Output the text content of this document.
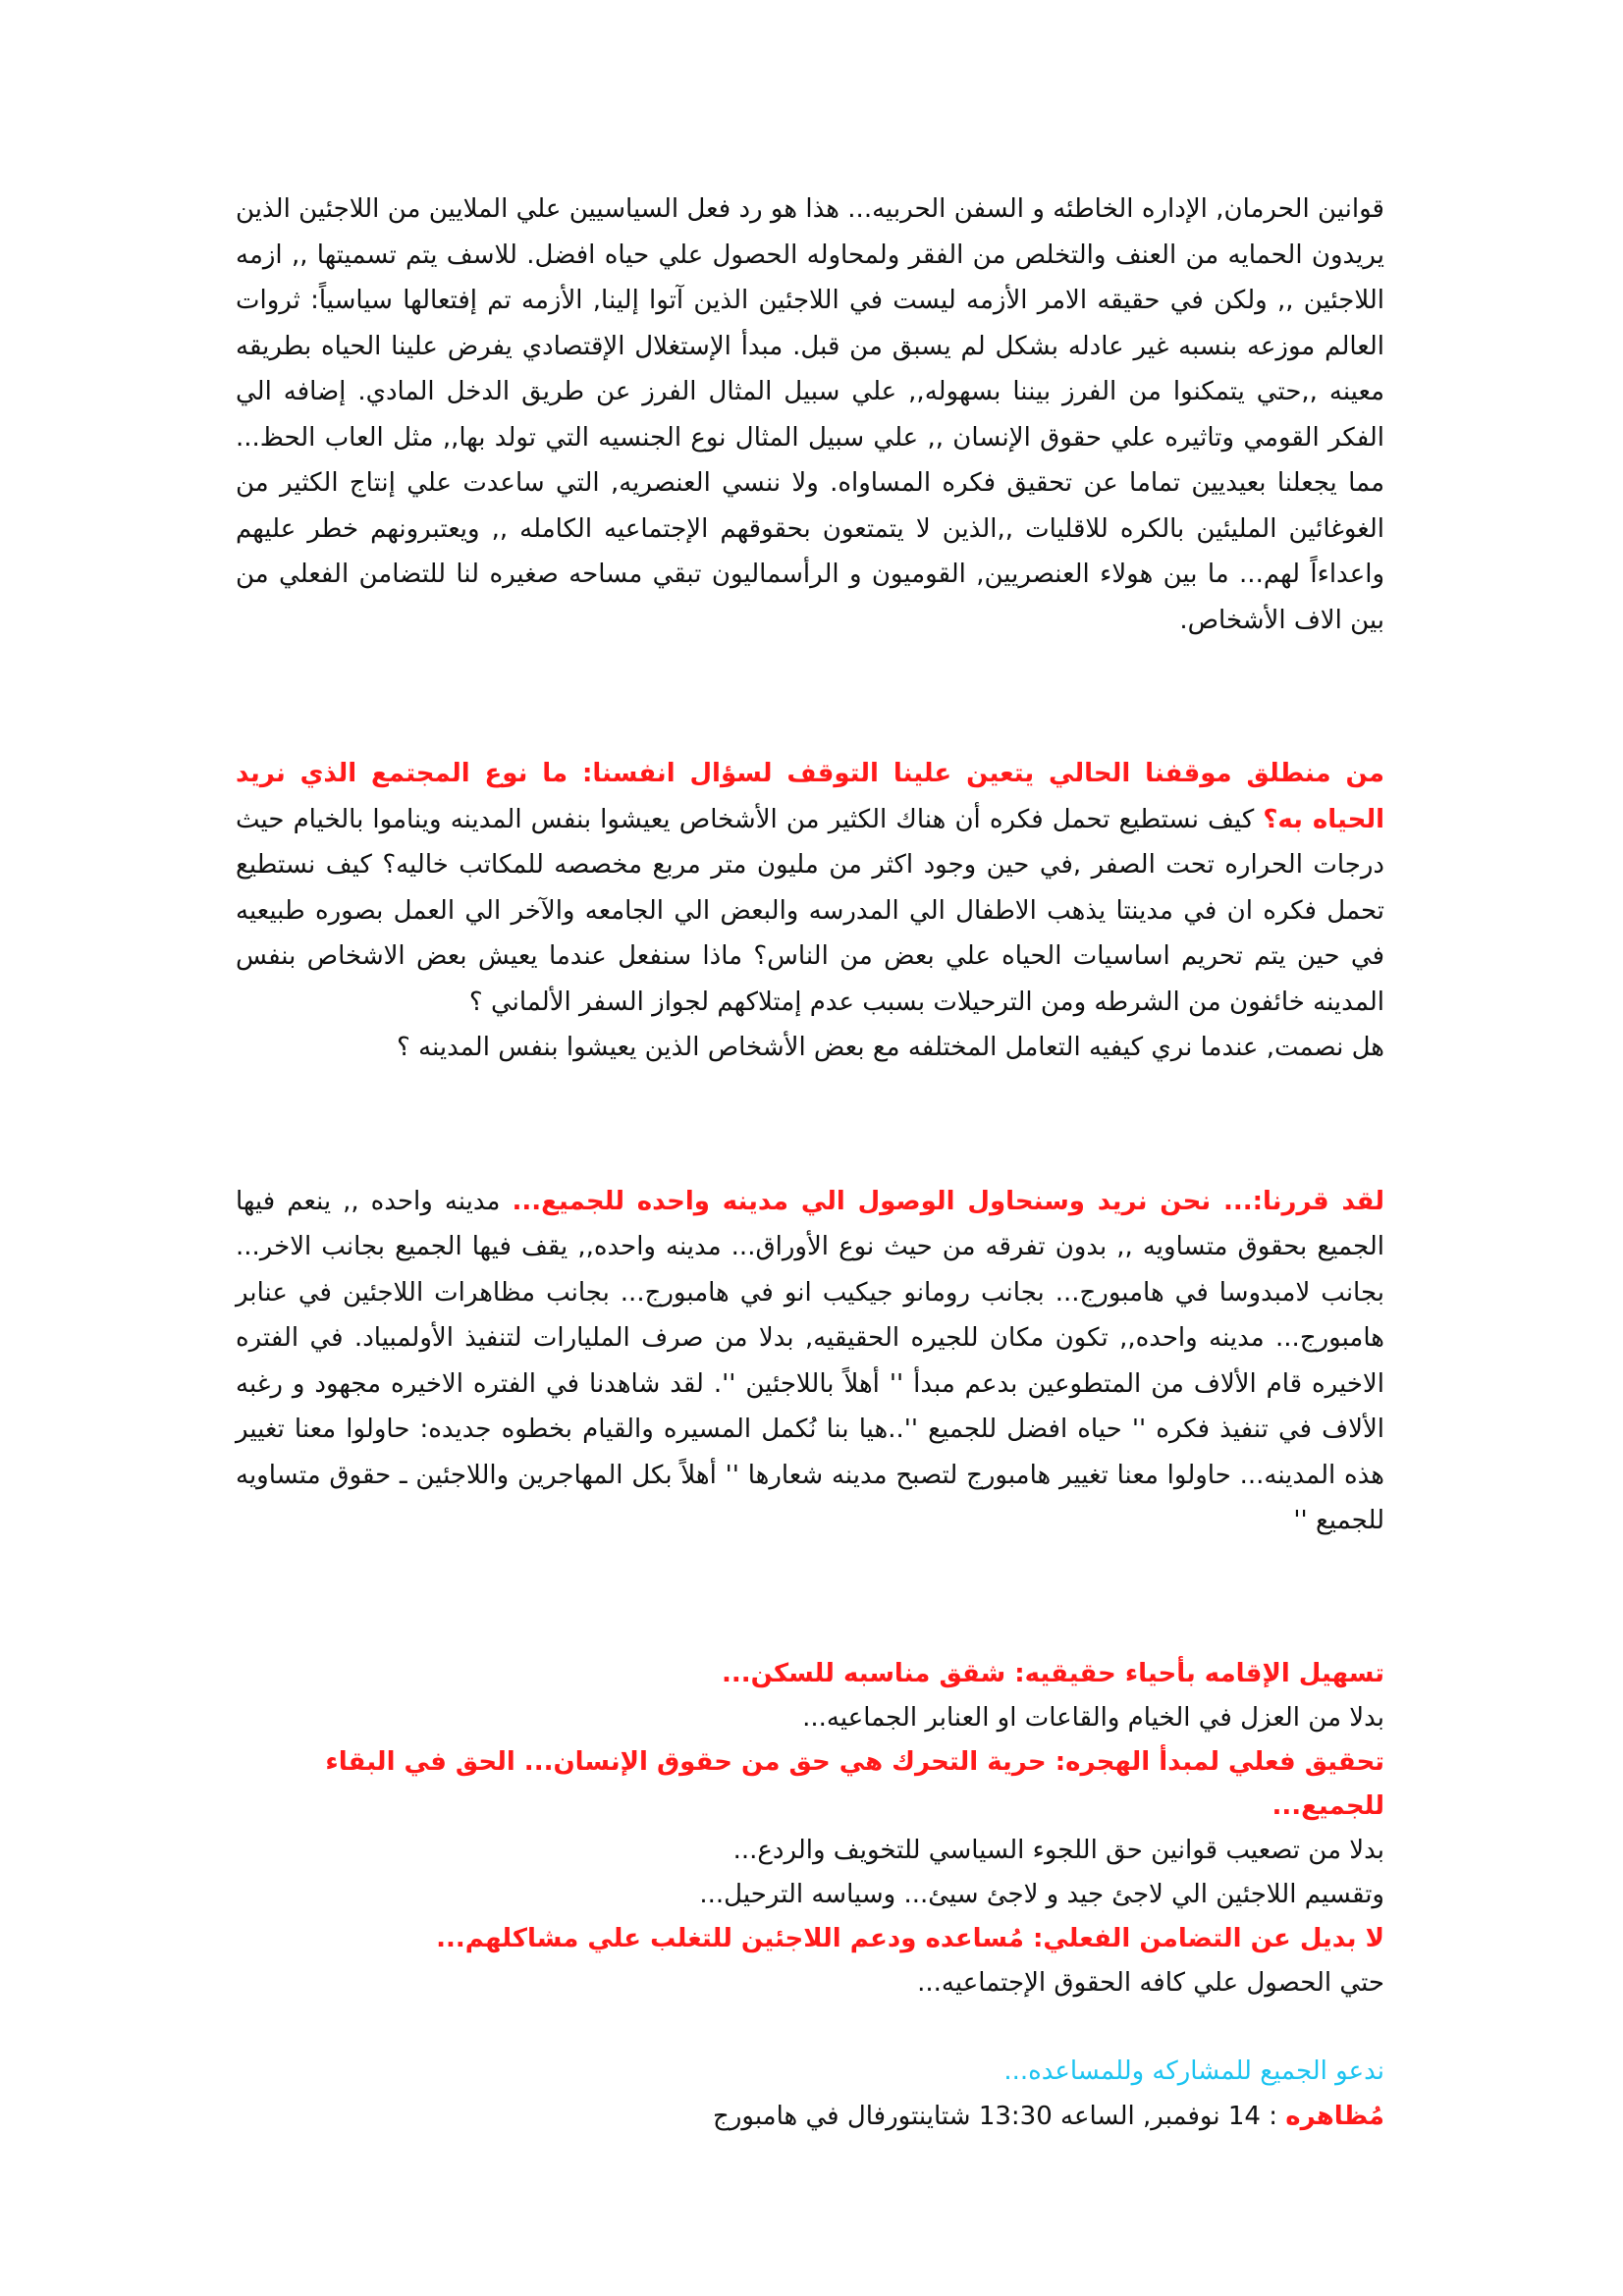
قوانين الحرمان, الإداره الخاطئه و السفن الحربيه... هذا هو رد فعل السياسيين علي الملايين من اللاجئين الذين يريدون الحمايه من العنف والتخلص من الفقر ولمحاوله الحصول علي حياه افضل. للاسف يتم تسميتها ,, ازمه اللاجئين ,, ولكن في حقيقه الامر الأزمه ليست في اللاجئين الذين آتوا إلينا, الأزمه تم إفتعالها سياسياً: ثروات العالم موزعه بنسبه غير عادله بشكل لم يسبق من قبل. مبدأ الإستغلال الإقتصادي يفرض علينا الحياه بطريقه معينه ,,حتي يتمكنوا من الفرز بيننا بسهوله,, علي سبيل المثال الفرز عن طريق الدخل المادي. إضافه الي الفكر القومي وتاثيره علي حقوق الإنسان ,, علي سبيل المثال نوع الجنسيه التي تولد بها,, مثل العاب الحظ... مما يجعلنا بعيديين تماما عن تحقيق فكره المساواه. ولا ننسي العنصريه, التي ساعدت علي إنتاج الكثير من الغوغائين المليئين بالكره للاقليات ,,الذين لا يتمتعون بحقوقهم الإجتماعيه الكامله ,, ويعتبرونهم خطر عليهم واعداءاً لهم... ما بين هولاء العنصريين, القوميون و الرأسماليون تبقي مساحه صغيره لنا للتضامن الفعلي من بين الاف الأشخاص.

من منطلق موقفنا الحالي يتعين علينا التوقف لسؤال انفسنا: ما نوع المجتمع الذي نريد الحياه به؟ كيف نستطيع تحمل فكره أن هناك الكثير من الأشخاص يعيشوا بنفس المدينه ويناموا بالخيام حيث درجات الحراره تحت الصفر ,في حين وجود اكثر من مليون متر مربع مخصصه للمكاتب خاليه؟ كيف نستطيع تحمل فكره ان في مدينتا يذهب الاطفال الي المدرسه والبعض الي الجامعه والآخر الي العمل بصوره طبيعيه في حين يتم تحريم اساسيات الحياه علي بعض من الناس؟ ماذا سنفعل عندما يعيش بعض الاشخاص بنفس المدينه خائفون من الشرطه ومن الترحيلات بسبب عدم إمتلاكهم لجواز السفر الألماني ؟
هل نصمت, عندما نري كيفيه التعامل المختلفه مع بعض الأشخاص الذين يعيشوا بنفس المدينه ؟

لقد قررنا:... نحن نريد وسنحاول الوصول الي مدينه واحده للجميع... مدينه واحده ,, ينعم فيها الجميع بحقوق متساويه ,, بدون تفرقه من حيث نوع الأوراق... مدينه واحده,, يقف فيها الجميع بجانب الاخر... بجانب لامبدوسا في هامبورج... بجانب رومانو جيكيب انو في هامبورج... بجانب مظاهرات اللاجئين في عنابر هامبورج... مدينه واحده,, تكون مكان للجيره الحقيقيه, بدلا من صرف المليارات لتنفيذ الأولمبياد. في الفتره الاخيره قام الألاف من المتطوعين بدعم مبدأ '' أهلاً باللاجئين ''. لقد شاهدنا في الفتره الاخيره مجهود و رغبه الألاف في تنفيذ فكره '' حياه افضل للجميع ''..هيا بنا نُكمل المسيره والقيام بخطوه جديده: حاولوا معنا تغيير هذه المدينه... حاولوا معنا تغيير هامبورج لتصبح مدينه شعارها '' أهلاً بكل المهاجرين واللاجئين ـ حقوق متساويه للجميع ''

تسهيل الإقامه بأحياء حقيقيه: شقق مناسبه للسكن...

بدلا من العزل في الخيام والقاعات او العنابر الجماعيه...

تحقيق فعلي لمبدأ الهجره: حرية التحرك هي حق من حقوق الإنسان... الحق في البقاء للجميع...

بدلا من تصعيب قوانين حق اللجوء السياسي للتخويف والردع...

وتقسيم اللاجئين الي لاجئ جيد و لاجئ سيئ... وسياسه الترحيل...

لا بديل عن التضامن الفعلي: مُساعده ودعم اللاجئين للتغلب علي مشاكلهم...

حتي الحصول علي كافه الحقوق الإجتماعيه...

ندعو الجميع للمشاركه وللمساعده...

مُظاهره : 14 نوفمبر, الساعه 13:30 شتاينتورفال في هامبورج
